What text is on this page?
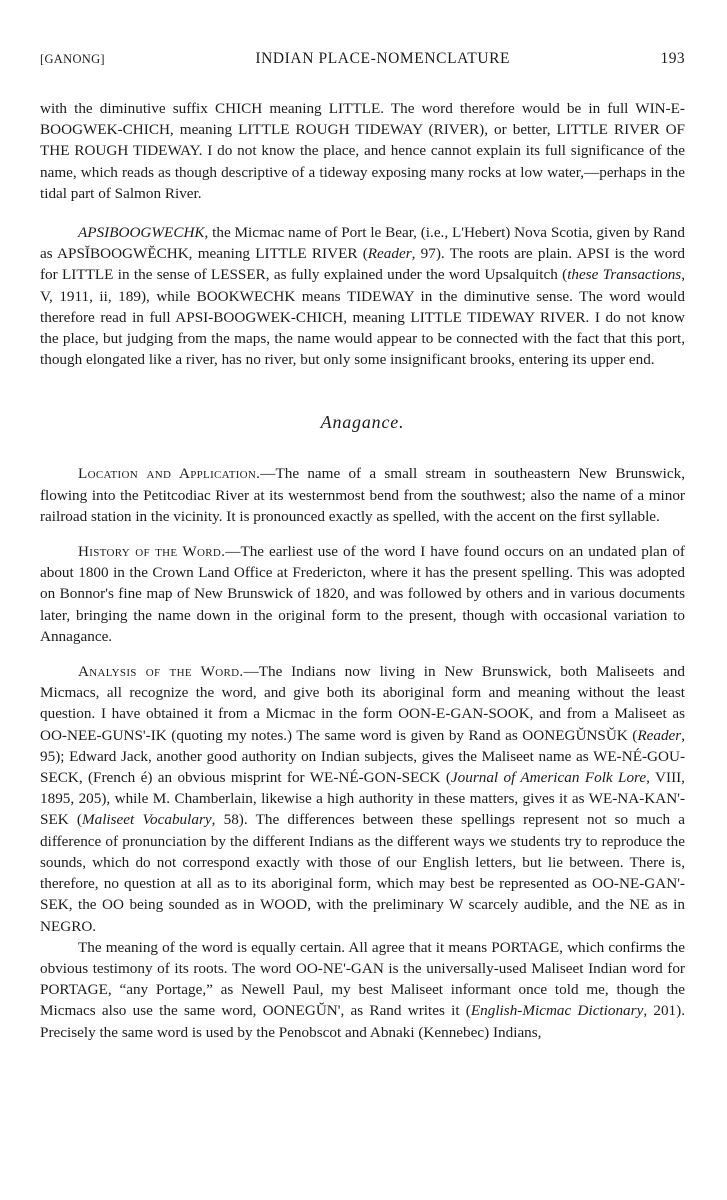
[GANONG]	INDIAN PLACE-NOMENCLATURE	193

with the diminutive suffix CHICH meaning LITTLE. The word therefore would be in full WIN-E-BOOGWEK-CHICH, meaning LITTLE ROUGH TIDEWAY (RIVER), or better, LITTLE RIVER OF THE ROUGH TIDEWAY. I do not know the place, and hence cannot explain its full significance of the name, which reads as though descriptive of a tideway exposing many rocks at low water,—perhaps in the tidal part of Salmon River.

APSIBOOGWECHK, the Micmac name of Port le Bear, (i.e., L'Hebert) Nova Scotia, given by Rand as APSĬBOOGWĔCHK, meaning LITTLE RIVER (Reader, 97). The roots are plain. APSI is the word for LITTLE in the sense of LESSER, as fully explained under the word Upsalquitch (these Transactions, V, 1911, ii, 189), while BOOKWECHK means TIDEWAY in the diminutive sense. The word would therefore read in full APSI-BOOGWEK-CHICH, meaning LITTLE TIDEWAY RIVER. I do not know the place, but judging from the maps, the name would appear to be connected with the fact that this port, though elongated like a river, has no river, but only some insignificant brooks, entering its upper end.

Anagance.

Location and Application.—The name of a small stream in southeastern New Brunswick, flowing into the Petitcodiac River at its westernmost bend from the southwest; also the name of a minor railroad station in the vicinity. It is pronounced exactly as spelled, with the accent on the first syllable.

History of the Word.—The earliest use of the word I have found occurs on an undated plan of about 1800 in the Crown Land Office at Fredericton, where it has the present spelling. This was adopted on Bonnor's fine map of New Brunswick of 1820, and was followed by others and in various documents later, bringing the name down in the original form to the present, though with occasional variation to Annagance.

Analysis of the Word.—The Indians now living in New Brunswick, both Maliseets and Micmacs, all recognize the word, and give both its aboriginal form and meaning without the least question. I have obtained it from a Micmac in the form OON-E-GAN-SOOK, and from a Maliseet as OO-NEE-GUNS'-IK (quoting my notes.) The same word is given by Rand as OONEGŬNSŬK (Reader, 95); Edward Jack, another good authority on Indian subjects, gives the Maliseet name as WE-NÉ-GOU-SECK, (French é) an obvious misprint for WE-NÉ-GON-SECK (Journal of American Folk Lore, VIII, 1895, 205), while M. Chamberlain, likewise a high authority in these matters, gives it as WE-NA-KAN'-SEK (Maliseet Vocabulary, 58). The differences between these spellings represent not so much a difference of pronunciation by the different Indians as the different ways we students try to reproduce the sounds, which do not correspond exactly with those of our English letters, but lie between. There is, therefore, no question at all as to its aboriginal form, which may best be represented as OO-NE-GAN'-SEK, the OO being sounded as in WOOD, with the preliminary W scarcely audible, and the NE as in NEGRO.

The meaning of the word is equally certain. All agree that it means PORTAGE, which confirms the obvious testimony of its roots. The word OO-NE'-GAN is the universally-used Maliseet Indian word for PORTAGE, “any Portage,” as Newell Paul, my best Maliseet informant once told me, though the Micmacs also use the same word, OONEGŬN', as Rand writes it (English-Micmac Dictionary, 201). Precisely the same word is used by the Penobscot and Abnaki (Kennebec) Indians,
